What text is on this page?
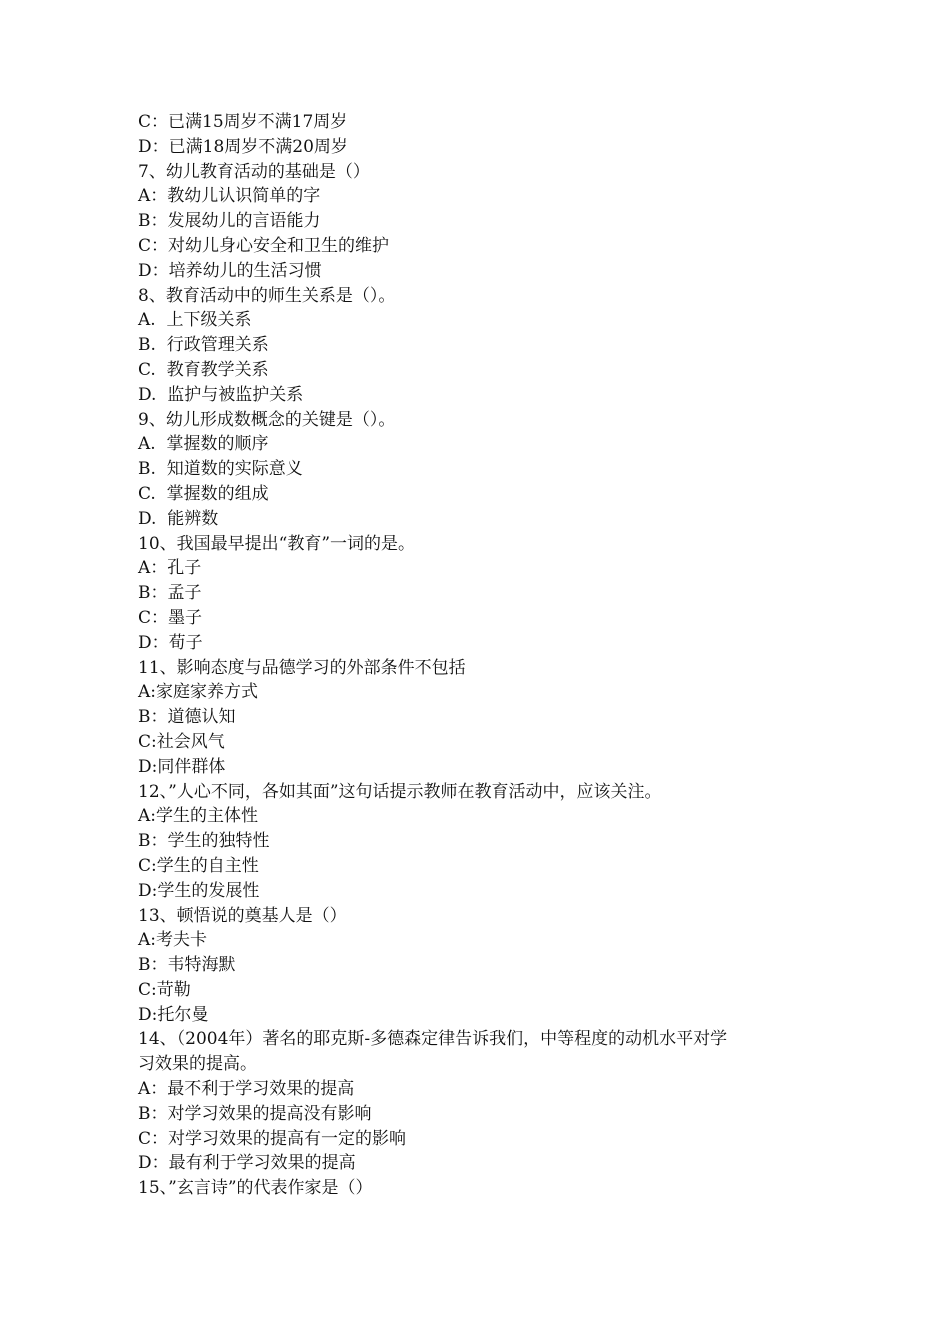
C：已满15周岁不满17周岁
D：已满18周岁不满20周岁
7、幼儿教育活动的基础是（）
A：教幼儿认识简单的字
B：发展幼儿的言语能力
C：对幼儿身心安全和卫生的维护
D：培养幼儿的生活习惯
8、教育活动中的师生关系是（）。
A.  上下级关系
B.  行政管理关系
C.  教育教学关系
D.  监护与被监护关系
9、幼儿形成数概念的关键是（）。
A.  掌握数的顺序
B.  知道数的实际意义
C.  掌握数的组成
D.  能辨数
10、我国最早提出“教育”一词的是。
A：孔子
B：孟子
C：墨子
D：荀子
11、影响态度与品德学习的外部条件不包括
A:家庭家养方式
B：道德认知
C:社会风气
D:同伴群体
12、”人心不同，各如其面”这句话提示教师在教育活动中，应该关注。
A:学生的主体性
B：学生的独特性
C:学生的自主性
D:学生的发展性
13、顿悟说的奠基人是（）
A:考夫卡
B：韦特海默
C:苛勒
D:托尔曼
14、（2004年）著名的耶克斯-多德森定律告诉我们，中等程度的动机水平对学
习效果的提高。
A：最不利于学习效果的提高
B：对学习效果的提高没有影响
C：对学习效果的提高有一定的影响
D：最有利于学习效果的提高
15、”玄言诗”的代表作家是（）
